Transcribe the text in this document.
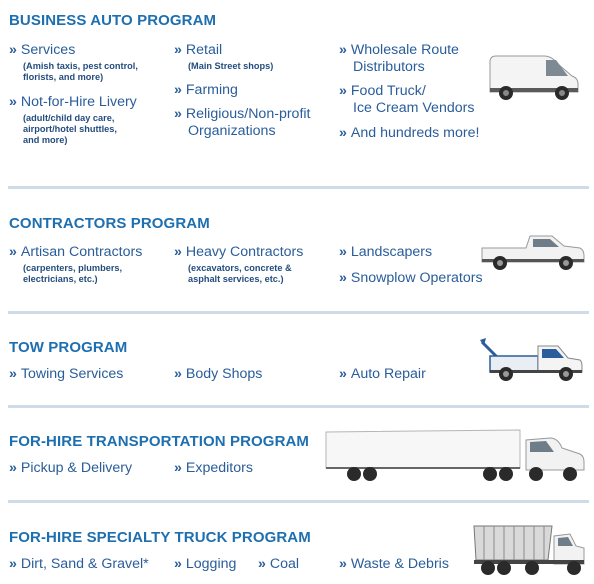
BUSINESS AUTO PROGRAM
» Services
(Amish taxis, pest control,
florists, and more)
» Not-for-Hire Livery
(adult/child day care,
airport/hotel shuttles,
and more)
» Retail
(Main Street shops)
» Farming
» Religious/Non-profit
Organizations
» Wholesale Route
Distributors
» Food Truck/
Ice Cream Vendors
» And hundreds more!
CONTRACTORS PROGRAM
» Artisan Contractors
(carpenters, plumbers,
electricians, etc.)
» Heavy Contractors
(excavators, concrete &
asphalt services, etc.)
» Landscapers
» Snowplow Operators
TOW PROGRAM
» Towing Services	» Body Shops	» Auto Repair
FOR-HIRE TRANSPORTATION PROGRAM
» Pickup & Delivery	» Expeditors
FOR-HIRE SPECIALTY TRUCK PROGRAM
» Dirt, Sand & Gravel* » Logging » Coal	» Waste & Debris
